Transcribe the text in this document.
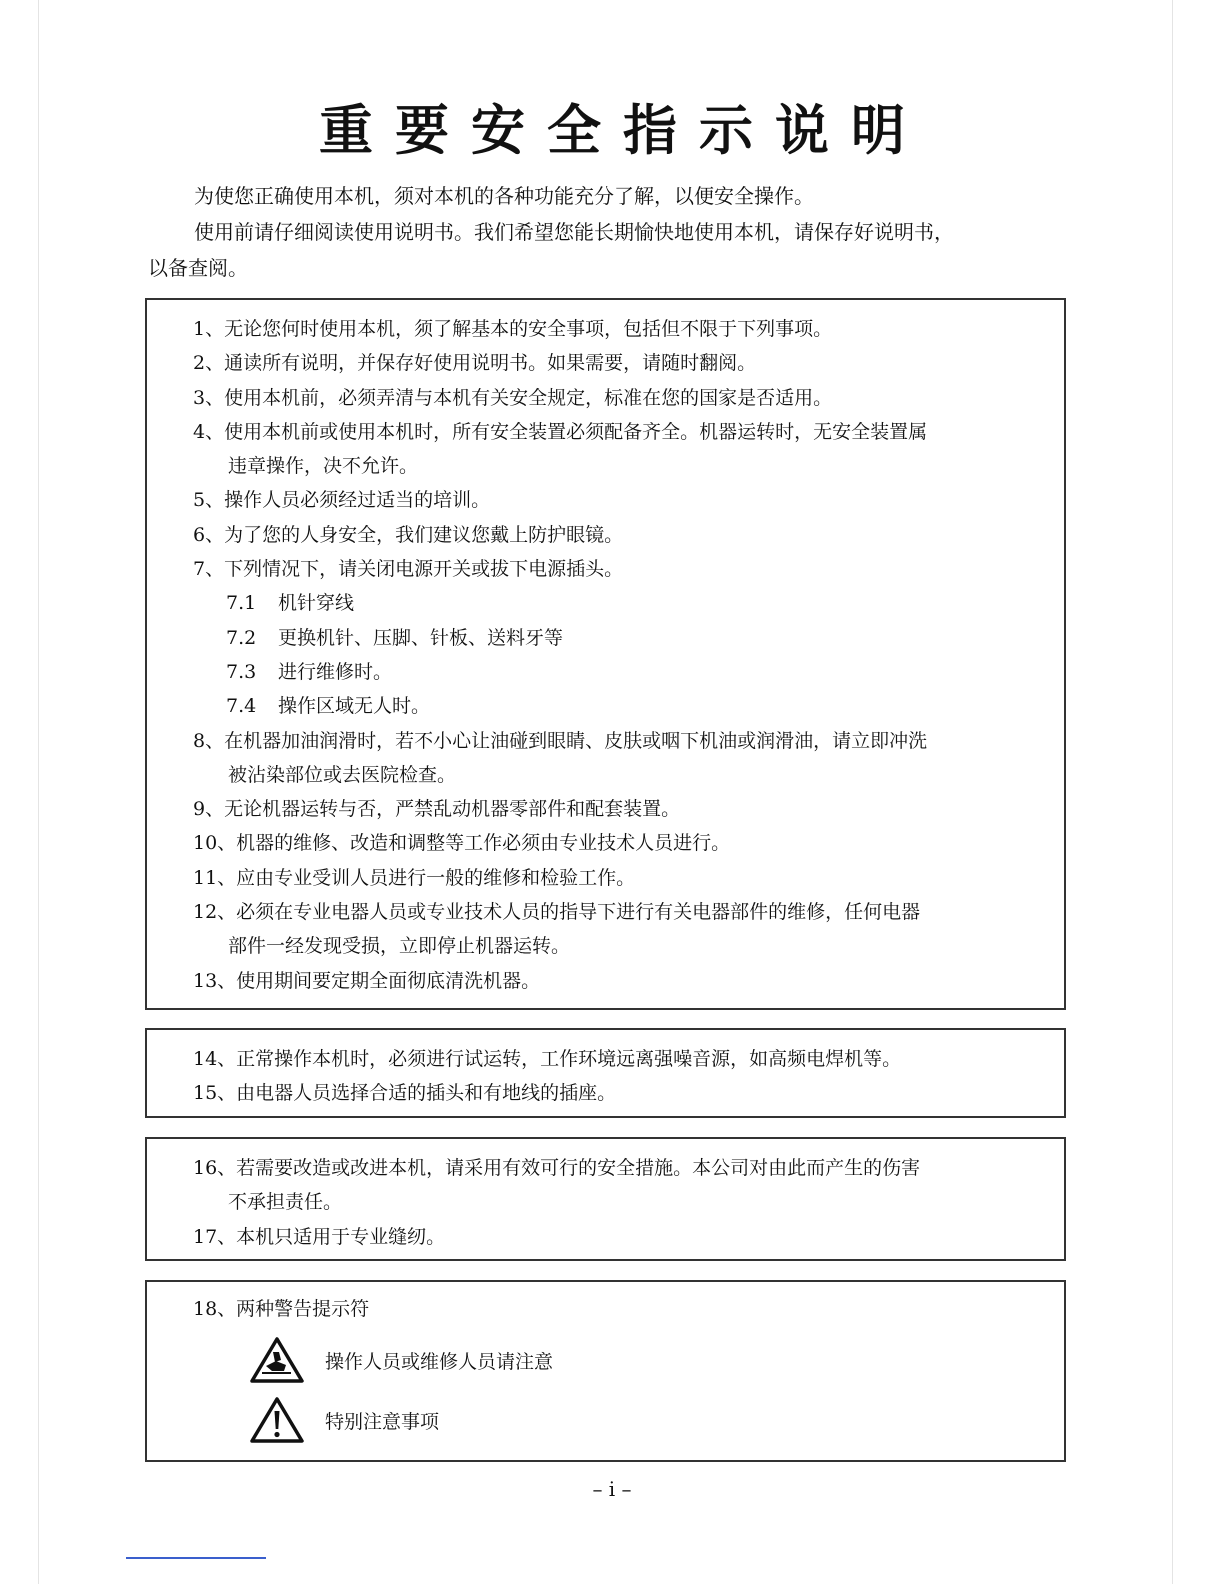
重要安全指示说明

为使您正确使用本机，须对本机的各种功能充分了解，以便安全操作。

使用前请仔细阅读使用说明书。我们希望您能长期愉快地使用本机，请保存好说明书，

以备查阅。

1、无论您何时使用本机，须了解基本的安全事项，包括但不限于下列事项。
2、通读所有说明，并保存好使用说明书。如果需要，请随时翻阅。
3、使用本机前，必须弄清与本机有关安全规定，标准在您的国家是否适用。
4、使用本机前或使用本机时，所有安全装置必须配备齐全。机器运转时，无安全装置属
违章操作，决不允许。
5、操作人员必须经过适当的培训。
6、为了您的人身安全，我们建议您戴上防护眼镜。
7、下列情况下，请关闭电源开关或拔下电源插头。
7.1 机针穿线
7.2 更换机针、压脚、针板、送料牙等
7.3 进行维修时。
7.4 操作区域无人时。
8、在机器加油润滑时，若不小心让油碰到眼睛、皮肤或咽下机油或润滑油，请立即冲洗
被沾染部位或去医院检查。
9、无论机器运转与否，严禁乱动机器零部件和配套装置。
10、机器的维修、改造和调整等工作必须由专业技术人员进行。
11、应由专业受训人员进行一般的维修和检验工作。
12、必须在专业电器人员或专业技术人员的指导下进行有关电器部件的维修，任何电器
部件一经发现受损，立即停止机器运转。
13、使用期间要定期全面彻底清洗机器。
14、正常操作本机时，必须进行试运转，工作环境远离强噪音源，如高频电焊机等。
15、由电器人员选择合适的插头和有地线的插座。
16、若需要改造或改进本机，请采用有效可行的安全措施。本公司对由此而产生的伤害
不承担责任。
17、本机只适用于专业缝纫。
18、两种警告提示符
操作人员或维修人员请注意
特别注意事项
– i –
